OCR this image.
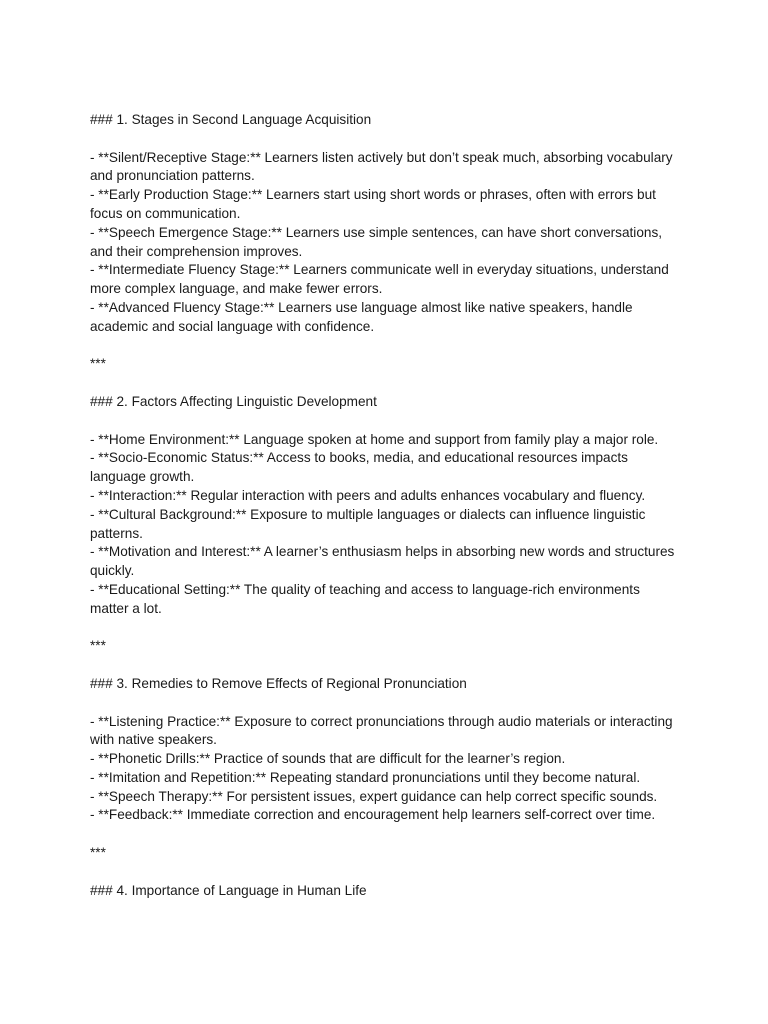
### 1. Stages in Second Language Acquisition

- **Silent/Receptive Stage:** Learners listen actively but don’t speak much, absorbing vocabulary and pronunciation patterns.

- **Early Production Stage:** Learners start using short words or phrases, often with errors but focus on communication.

- **Speech Emergence Stage:** Learners use simple sentences, can have short conversations, and their comprehension improves.

- **Intermediate Fluency Stage:** Learners communicate well in everyday situations, understand more complex language, and make fewer errors.

- **Advanced Fluency Stage:** Learners use language almost like native speakers, handle academic and social language with confidence.

***

### 2. Factors Affecting Linguistic Development

- **Home Environment:** Language spoken at home and support from family play a major role.

- **Socio-Economic Status:** Access to books, media, and educational resources impacts language growth.

- **Interaction:** Regular interaction with peers and adults enhances vocabulary and fluency.

- **Cultural Background:** Exposure to multiple languages or dialects can influence linguistic patterns.

- **Motivation and Interest:** A learner’s enthusiasm helps in absorbing new words and structures quickly.

- **Educational Setting:** The quality of teaching and access to language-rich environments matter a lot.

***

### 3. Remedies to Remove Effects of Regional Pronunciation

- **Listening Practice:** Exposure to correct pronunciations through audio materials or interacting with native speakers.

- **Phonetic Drills:** Practice of sounds that are difficult for the learner’s region.

- **Imitation and Repetition:** Repeating standard pronunciations until they become natural.

- **Speech Therapy:** For persistent issues, expert guidance can help correct specific sounds.

- **Feedback:** Immediate correction and encouragement help learners self-correct over time.

***

### 4. Importance of Language in Human Life
